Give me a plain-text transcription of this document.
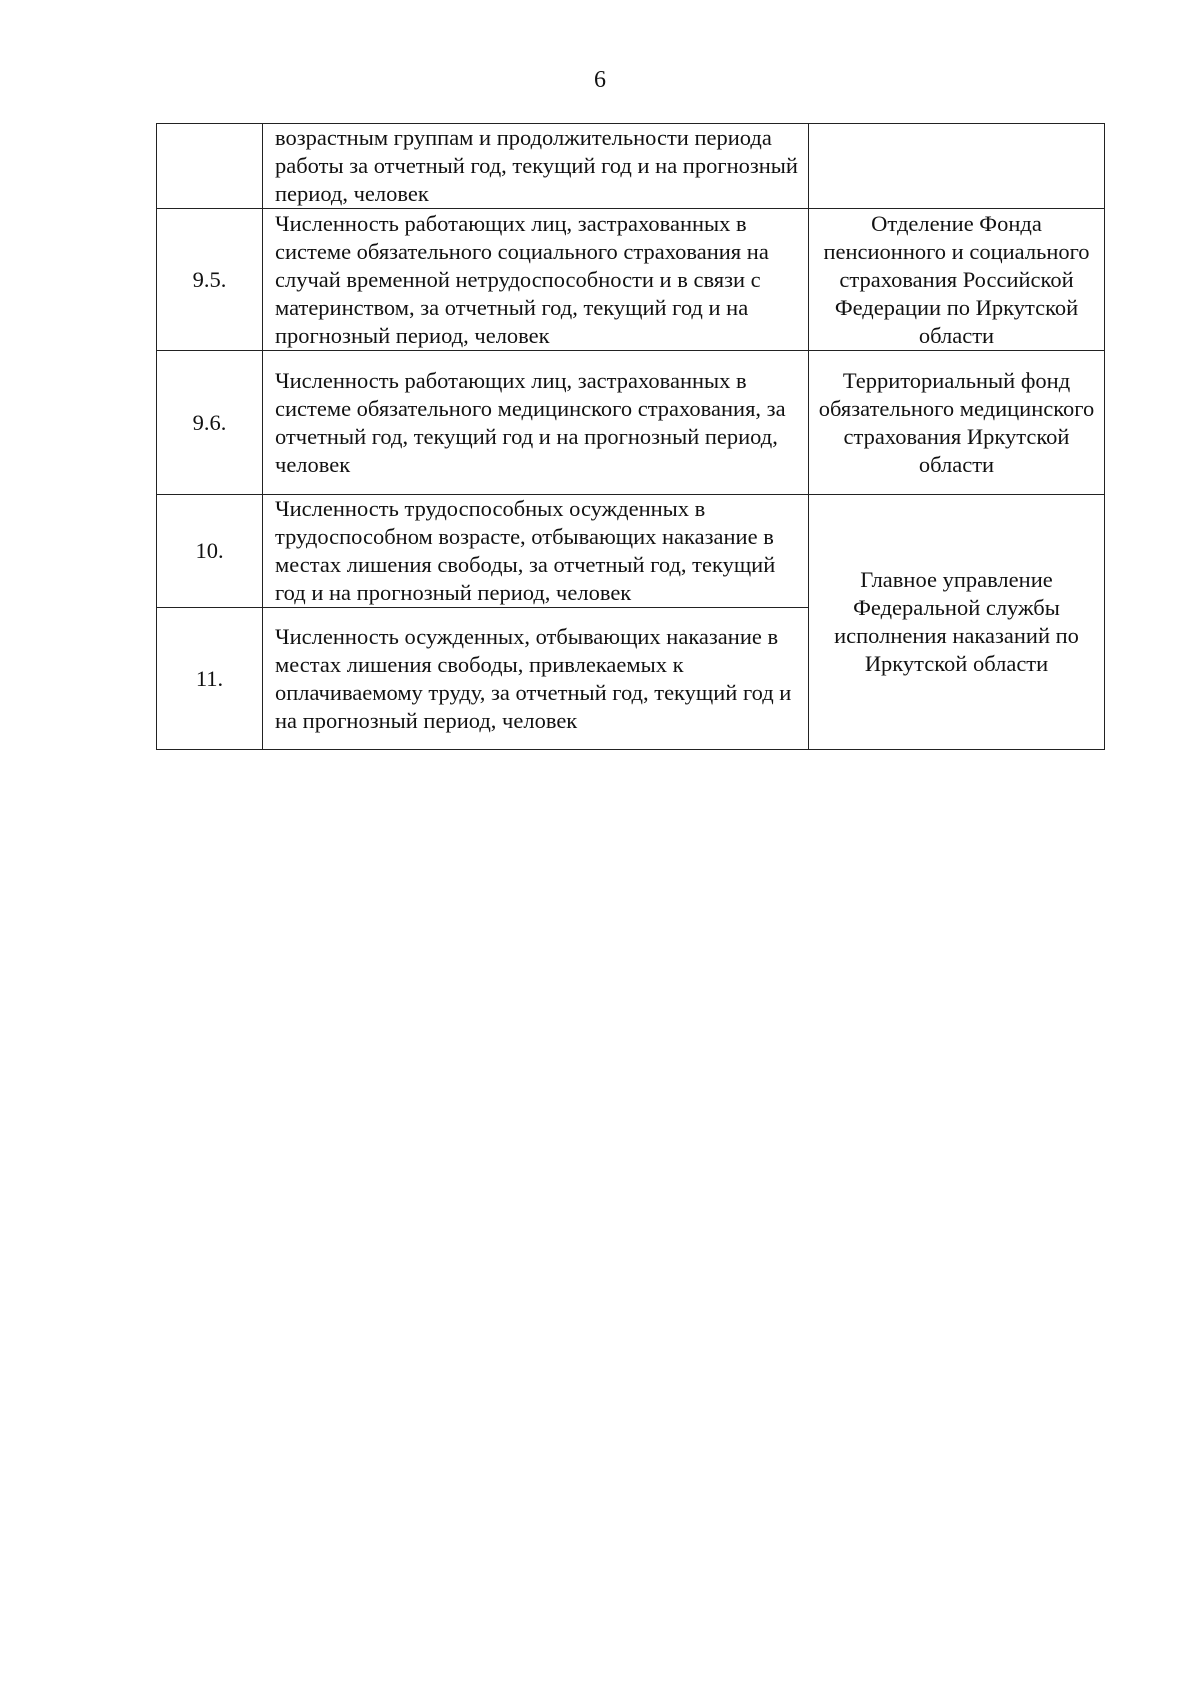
6
	возрастным группам и продолжительности периода работы за отчетный год, текущий год и на прогнозный период, человек	
9.5.	Численность работающих лиц, застрахованных в системе обязательного социального страхования на случай временной нетрудоспособности и в связи с материнством, за отчетный год, текущий год и на прогнозный период, человек	Отделение Фонда пенсионного и социального страхования Российской Федерации по Иркутской области
9.6.	Численность работающих лиц, застрахованных в системе обязательного медицинского страхования, за отчетный год, текущий год и на прогнозный период, человек	Территориальный фонд обязательного медицинского страхования Иркутской области
10.	Численность трудоспособных осужденных в трудоспособном возрасте, отбывающих наказание в местах лишения свободы, за отчетный год, текущий год и на прогнозный период, человек	Главное управление Федеральной службы исполнения наказаний по Иркутской области
11.	Численность осужденных, отбывающих наказание в местах лишения свободы, привлекаемых к оплачиваемому труду, за отчетный год, текущий год и на прогнозный период, человек	
